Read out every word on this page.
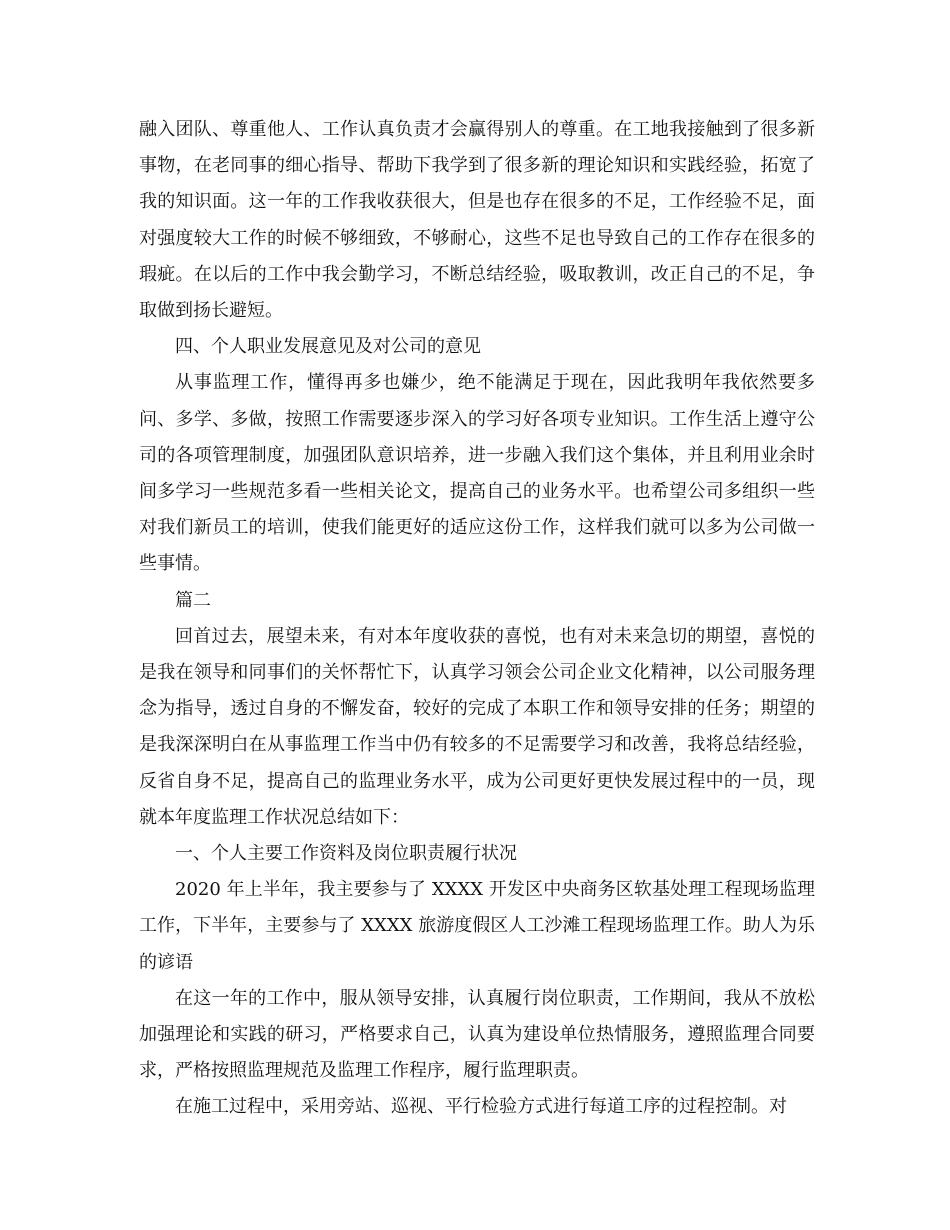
融入团队、尊重他人、工作认真负责才会赢得别人的尊重。在工地我接触到了很多新事物，在老同事的细心指导、帮助下我学到了很多新的理论知识和实践经验，拓宽了我的知识面。这一年的工作我收获很大，但是也存在很多的不足，工作经验不足，面对强度较大工作的时候不够细致，不够耐心，这些不足也导致自己的工作存在很多的瑕疵。在以后的工作中我会勤学习，不断总结经验，吸取教训，改正自己的不足，争取做到扬长避短。

四、个人职业发展意见及对公司的意见

从事监理工作，懂得再多也嫌少，绝不能满足于现在，因此我明年我依然要多问、多学、多做，按照工作需要逐步深入的学习好各项专业知识。工作生活上遵守公司的各项管理制度，加强团队意识培养，进一步融入我们这个集体，并且利用业余时间多学习一些规范多看一些相关论文，提高自己的业务水平。也希望公司多组织一些对我们新员工的培训，使我们能更好的适应这份工作，这样我们就可以多为公司做一些事情。

篇二

回首过去，展望未来，有对本年度收获的喜悦，也有对未来急切的期望，喜悦的是我在领导和同事们的关怀帮忙下，认真学习领会公司企业文化精神，以公司服务理念为指导，透过自身的不懈发奋，较好的完成了本职工作和领导安排的任务；期望的是我深深明白在从事监理工作当中仍有较多的不足需要学习和改善，我将总结经验，反省自身不足，提高自己的监理业务水平，成为公司更好更快发展过程中的一员，现就本年度监理工作状况总结如下：

一、个人主要工作资料及岗位职责履行状况

2020 年上半年，我主要参与了 XXXX 开发区中央商务区软基处理工程现场监理工作，下半年，主要参与了 XXXX 旅游度假区人工沙滩工程现场监理工作。助人为乐的谚语

在这一年的工作中，服从领导安排，认真履行岗位职责，工作期间，我从不放松加强理论和实践的研习，严格要求自己，认真为建设单位热情服务，遵照监理合同要求，严格按照监理规范及监理工作程序，履行监理职责。

在施工过程中，采用旁站、巡视、平行检验方式进行每道工序的过程控制。对
